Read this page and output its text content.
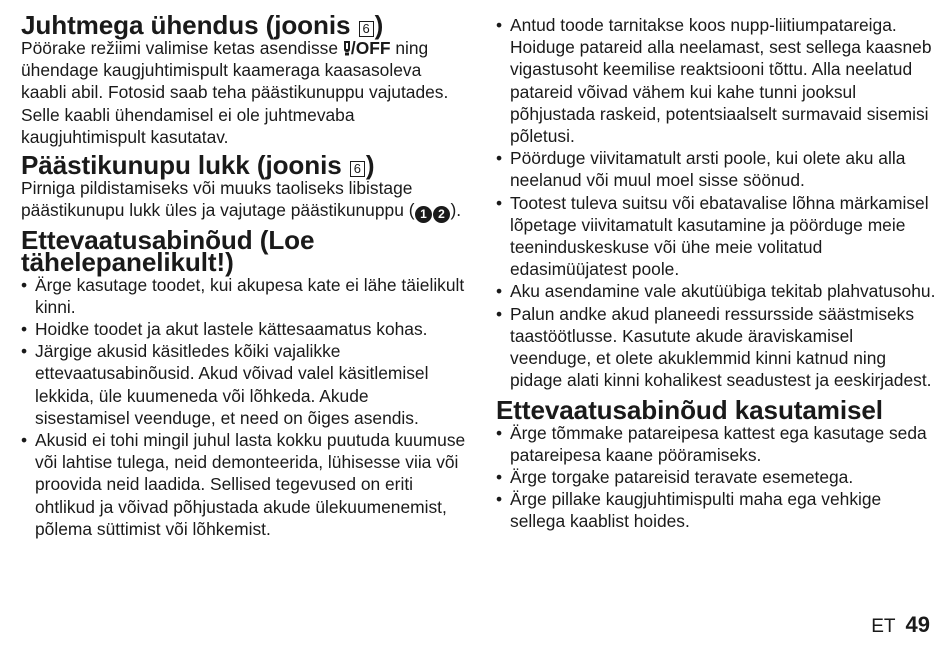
Juhtmega ühendus (joonis 6 )

Pöörake režiimi valimise ketas asendisse /OFF ning ühendage kaugjuhtimispult kaameraga kaasasoleva kaabli abil. Fotosid saab teha päästikunuppu vajutades. Selle kaabli ühendamisel ei ole juhtmevaba kaugjuhtimispult kasutatav.

Päästikunupu lukk (joonis 6 )

Pirniga pildistamiseks või muuks taoliseks libistage päästikunupu lukk üles ja vajutage päästikunuppu ( 1 2 ).

Ettevaatusabinõud (Loe tähelepanelikult!)
• Ärge kasutage toodet, kui akupesa kate ei lähe täielikult kinni.
• Hoidke toodet ja akut lastele kättesaamatus kohas.
• Järgige akusid käsitledes kõiki vajalikke ettevaatusabinõusid. Akud võivad valel käsitlemisel lekkida, üle kuumeneda või lõhkeda. Akude sisestamisel veenduge, et need on õiges asendis.
• Akusid ei tohi mingil juhul lasta kokku puutuda kuumuse või lahtise tulega, neid demonteerida, lühisesse viia või proovida neid laadida. Sellised tegevused on eriti ohtlikud ja võivad põhjustada akude ülekuumenemist, põlema süttimist või lõhkemist.
• Antud toode tarnitakse koos nupp-liitiumpatareiga. Hoiduge patareid alla neelamast, sest sellega kaasneb vigastusoht keemilise reaktsiooni tõttu. Alla neelatud patareid võivad vähem kui kahe tunni jooksul põhjustada raskeid, potentsiaalselt surmavaid sisemisi põletusi.
• Pöörduge viivitamatult arsti poole, kui olete aku alla neelanud või muul moel sisse söönud.
• Tootest tuleva suitsu või ebatavalise lõhna märkamisel lõpetage viivitamatult kasutamine ja pöörduge meie teeninduskeskuse või ühe meie volitatud edasimüüjatest poole.
• Aku asendamine vale akutüübiga tekitab plahvatusohu.
• Palun andke akud planeedi ressursside säästmiseks taastöötlusse. Kasutute akude äraviskamisel veenduge, et olete akuklemmid kinni katnud ning pidage alati kinni kohalikest seadustest ja eeskirjadest.
Ettevaatusabinõud kasutamisel
• Ärge tõmmake patareipesa kattest ega kasutage seda patareipesa kaane pööramiseks.
• Ärge torgake patareisid teravate esemetega.
• Ärge pillake kaugjuhtimispulti maha ega vehkige sellega kaablist hoides.
ET 49
